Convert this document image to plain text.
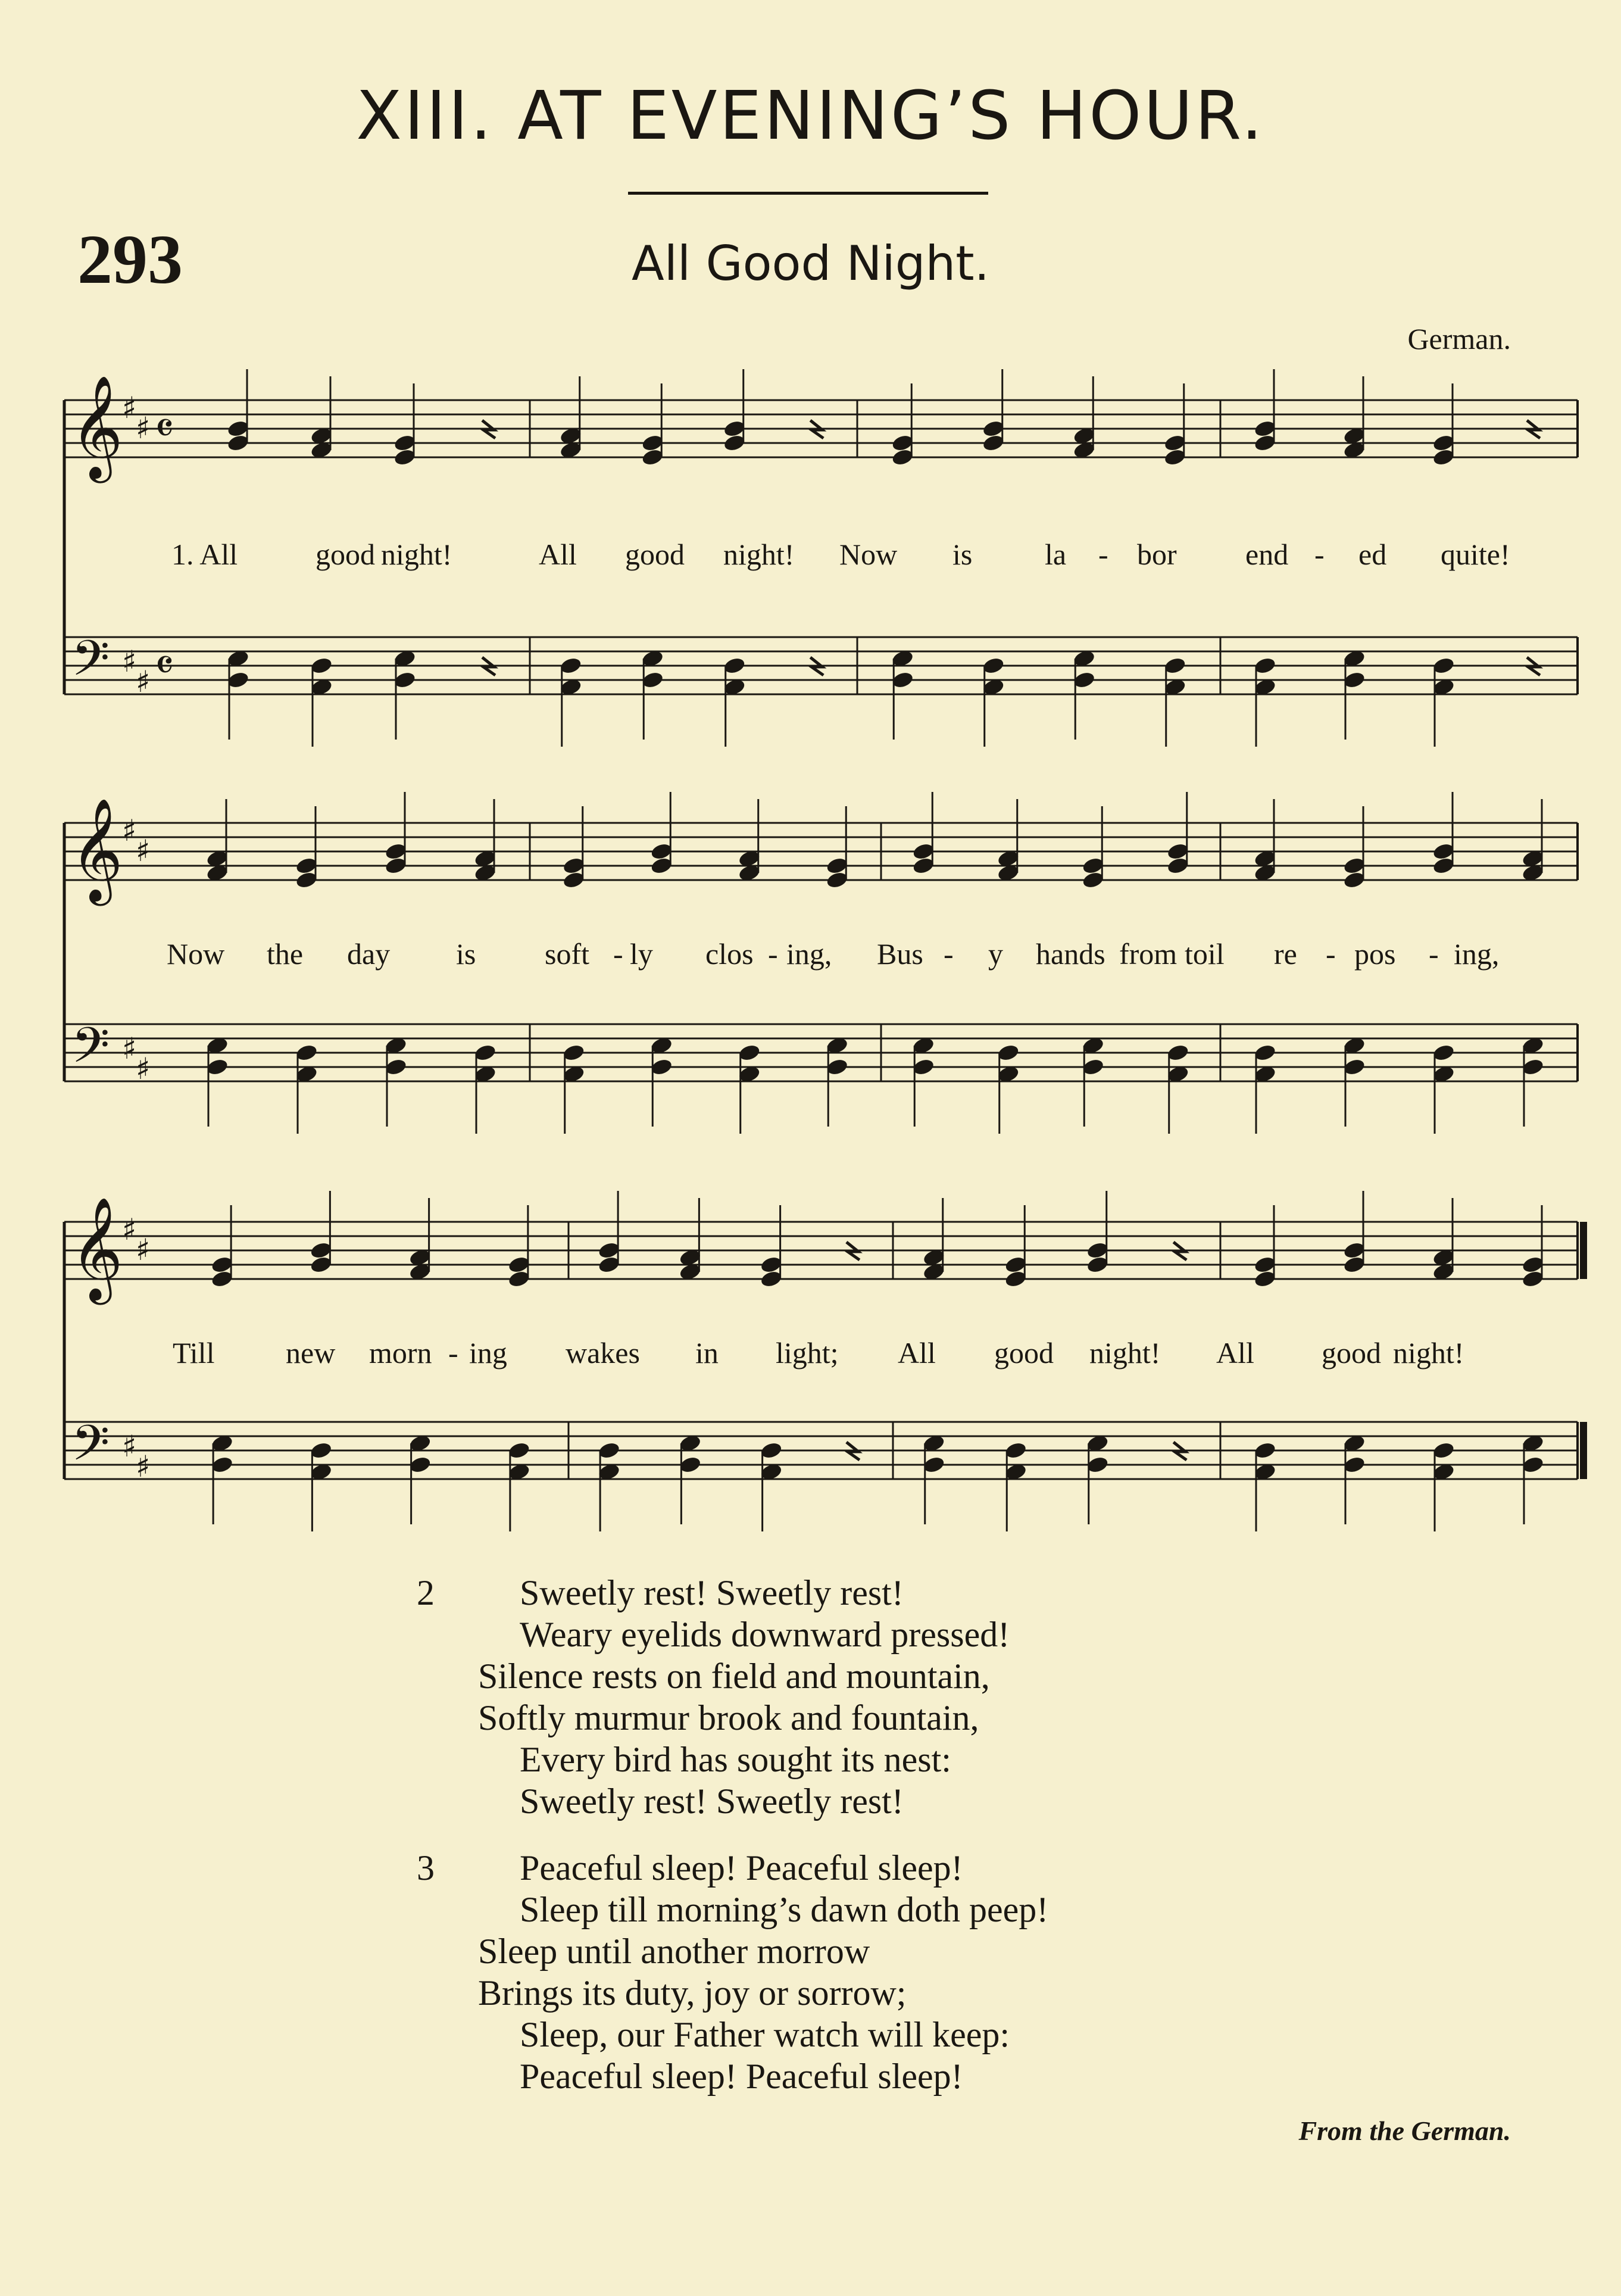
XIII. AT EVENING’S HOUR.
293	All Good Night.
German.
𝄞
𝄢
♯
♯
♯
♯
𝄴
𝄴
𝄞
𝄢
♯
♯
♯
♯
𝄞
𝄢
♯
♯
♯
♯
1. All	good night!	All good night! Now is la - bor end - ed quite!
Now the day is soft - ly clos - ing, Bus - y hands from toil re - pos - ing,
Till new morn - ing wakes in light; All good night! All good night!
2	Sweetly rest! Sweetly rest!
Weary eyelids downward pressed!
Silence rests on field and mountain,
Softly murmur brook and fountain,
Every bird has sought its nest:
Sweetly rest! Sweetly rest!
3	Peaceful sleep! Peaceful sleep!
Sleep till morning’s dawn doth peep!
Sleep until another morrow
Brings its duty, joy or sorrow;
Sleep, our Father watch will keep:
Peaceful sleep! Peaceful sleep!
From the German.
